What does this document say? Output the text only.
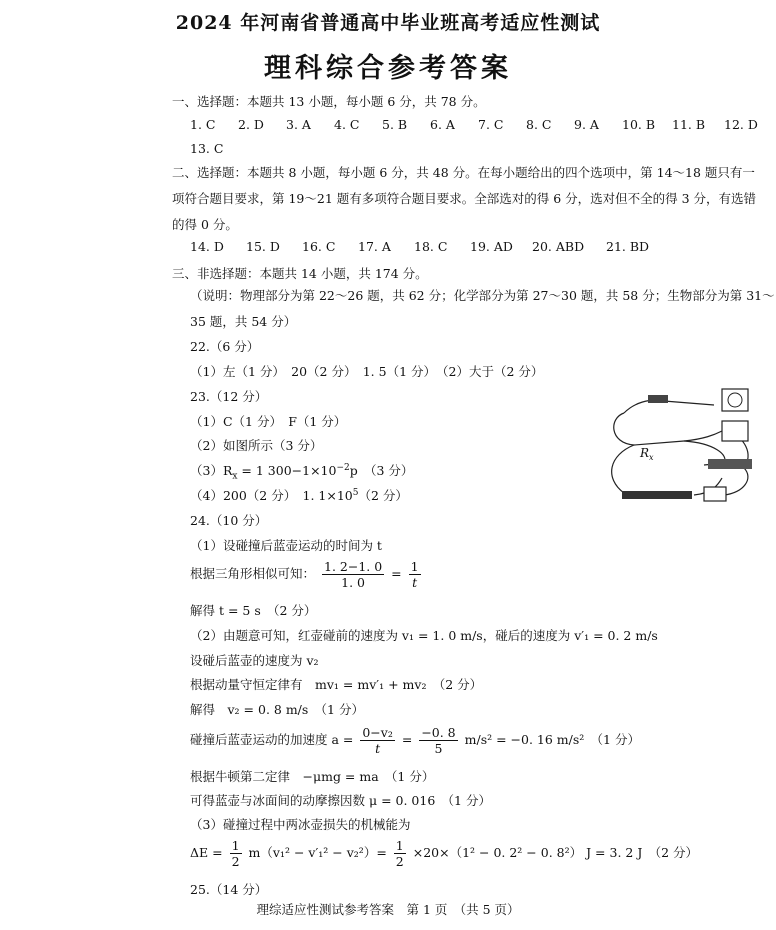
2024 年河南省普通高中毕业班高考适应性测试
理科综合参考答案
一、选择题：本题共 13 小题，每小题 6 分，共 78 分。
1. C 2. D 3. A 4. C 5. B 6. A 7. C 8. C 9. A 10. B 11. B 12. D
13. C
二、选择题：本题共 8 小题，每小题 6 分，共 48 分。在每小题给出的四个选项中，第 14～18 题只有一项符合题目要求，第 19～21 题有多项符合题目要求。全部选对的得 6 分，选对但不全的得 3 分，有选错的得 0 分。
14. D 15. D 16. C 17. A 18. C 19. AD 20. ABD 21. BD
三、非选择题：本题共 14 小题，共 174 分。
（说明：物理部分为第 22～26 题，共 62 分；化学部分为第 27～30 题，共 58 分；生物部分为第 31～35 题，共 54 分）
22.（6 分）
（1）左（1 分）　20（2 分）　1. 5（1 分）　（2）大于（2 分）
23.（12 分）
（1）C（1 分）　F（1 分）
（2）如图所示（3 分）
$(3)R_x = 1$ $300-1\times 10^{-2}p$　（3 分）
（4）200（2 分）　1. $1\times 10^5(2$ 分）
$R_x$
24.（10 分）
（1）设碰撞后蓝壶运动的时间为 t
根据三角形相似可知： $\frac{1. 2-1. 0}{1. 0} = \frac{1}{t}$
解得 t = 5 s　（2 分）
（2）由题意可知，红壶碰前的速度为 v₁ = 1. 0 m/s，碰后的速度为 v′₁ = 0. 2 m/s
设碰后蓝壶的速度为 v₂
根据动量守恒定律有　mv₁ = mv′₁ + mv₂　（2 分）
解得　v₂ = 0. 8 m/s　（1 分）
碰撞后蓝壶运动的加速度 $a = \frac{\text{0−v₂}}{t} = \frac{-0. 8}{5} m/s^2 = -0$. 16 m/s²　（1 分）
根据牛顿第二定律　−μmg = ma　（1 分）
可得蓝壶与冰面间的动摩擦因数 μ = 0. 016　（1 分）
（3）碰撞过程中两冰壶损失的机械能为
$\Delta E = \frac{1}{2} m(v_1^2 - v'_1^2 - v_2^2)= \frac{1}{2} \times 20\times(1^2 - 0$. 2² − 0. 8²） J = 3. 2 J　（2 分）
25.（14 分）
理综适应性测试参考答案　第 1 页　（共 5 页）
